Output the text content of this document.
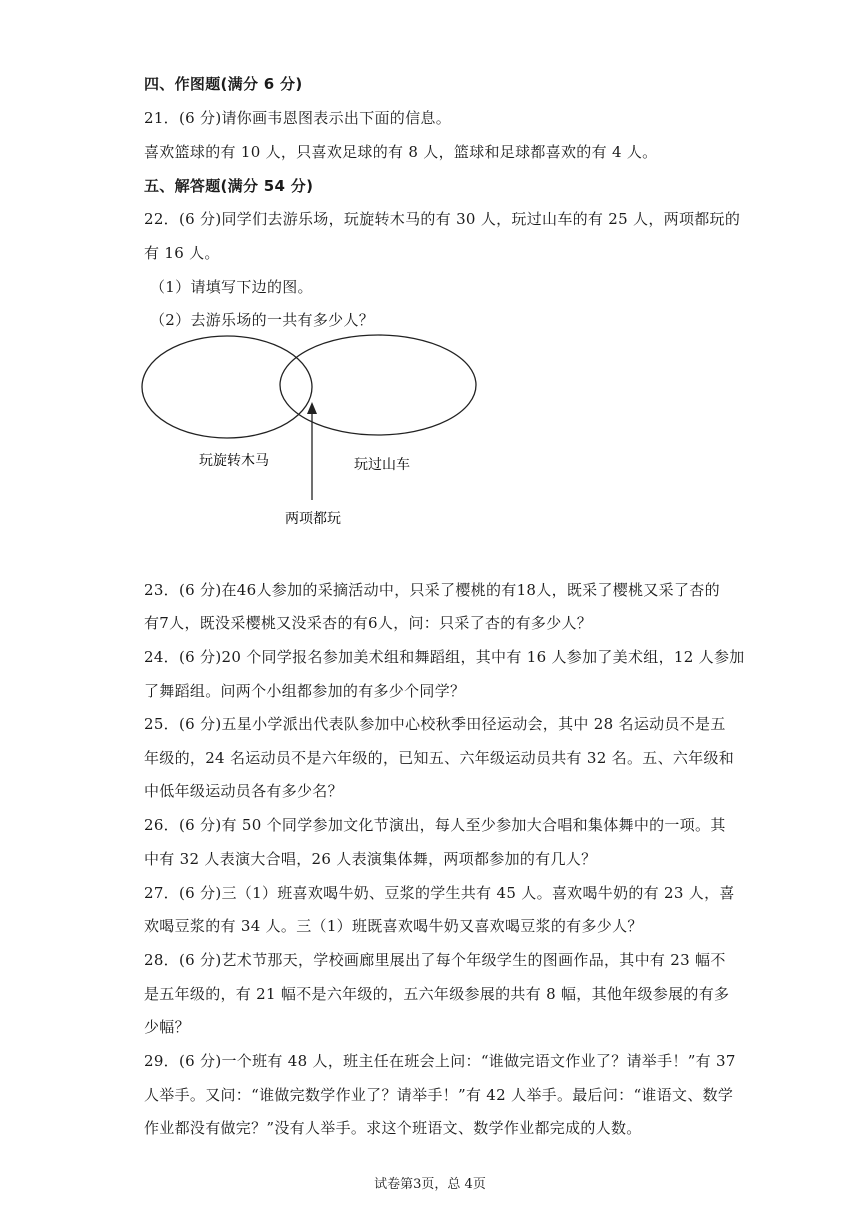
四、作图题(满分 6 分)
21．(6 分)请你画韦恩图表示出下面的信息。
喜欢篮球的有 10 人，只喜欢足球的有 8 人，篮球和足球都喜欢的有 4 人。
五、解答题(满分 54 分)
22．(6 分)同学们去游乐场，玩旋转木马的有 30 人，玩过山车的有 25 人，两项都玩的
有 16 人。
（1）请填写下边的图。
（2）去游乐场的一共有多少人？
玩旋转木马	玩过山车
两项都玩
23．(6 分)在46人参加的采摘活动中，只采了樱桃的有18人，既采了樱桃又采了杏的
有7人，既没采樱桃又没采杏的有6人，问：只采了杏的有多少人？
24．(6 分)20 个同学报名参加美术组和舞蹈组，其中有 16 人参加了美术组，12 人参加
了舞蹈组。问两个小组都参加的有多少个同学？
25．(6 分)五星小学派出代表队参加中心校秋季田径运动会，其中 28 名运动员不是五
年级的，24 名运动员不是六年级的，已知五、六年级运动员共有 32 名。五、六年级和
中低年级运动员各有多少名？
26．(6 分)有 50 个同学参加文化节演出，每人至少参加大合唱和集体舞中的一项。其
中有 32 人表演大合唱，26 人表演集体舞，两项都参加的有几人？
27．(6 分)三（1）班喜欢喝牛奶、豆浆的学生共有 45 人。喜欢喝牛奶的有 23 人，喜
欢喝豆浆的有 34 人。三（1）班既喜欢喝牛奶又喜欢喝豆浆的有多少人？
28．(6 分)艺术节那天，学校画廊里展出了每个年级学生的图画作品，其中有 23 幅不
是五年级的，有 21 幅不是六年级的，五六年级参展的共有 8 幅，其他年级参展的有多
少幅？
29．(6 分)一个班有 48 人，班主任在班会上问：“谁做完语文作业了？请举手！”有 37
人举手。又问：“谁做完数学作业了？请举手！”有 42 人举手。最后问：“谁语文、数学
作业都没有做完？”没有人举手。求这个班语文、数学作业都完成的人数。
试卷第3页，总 4页
